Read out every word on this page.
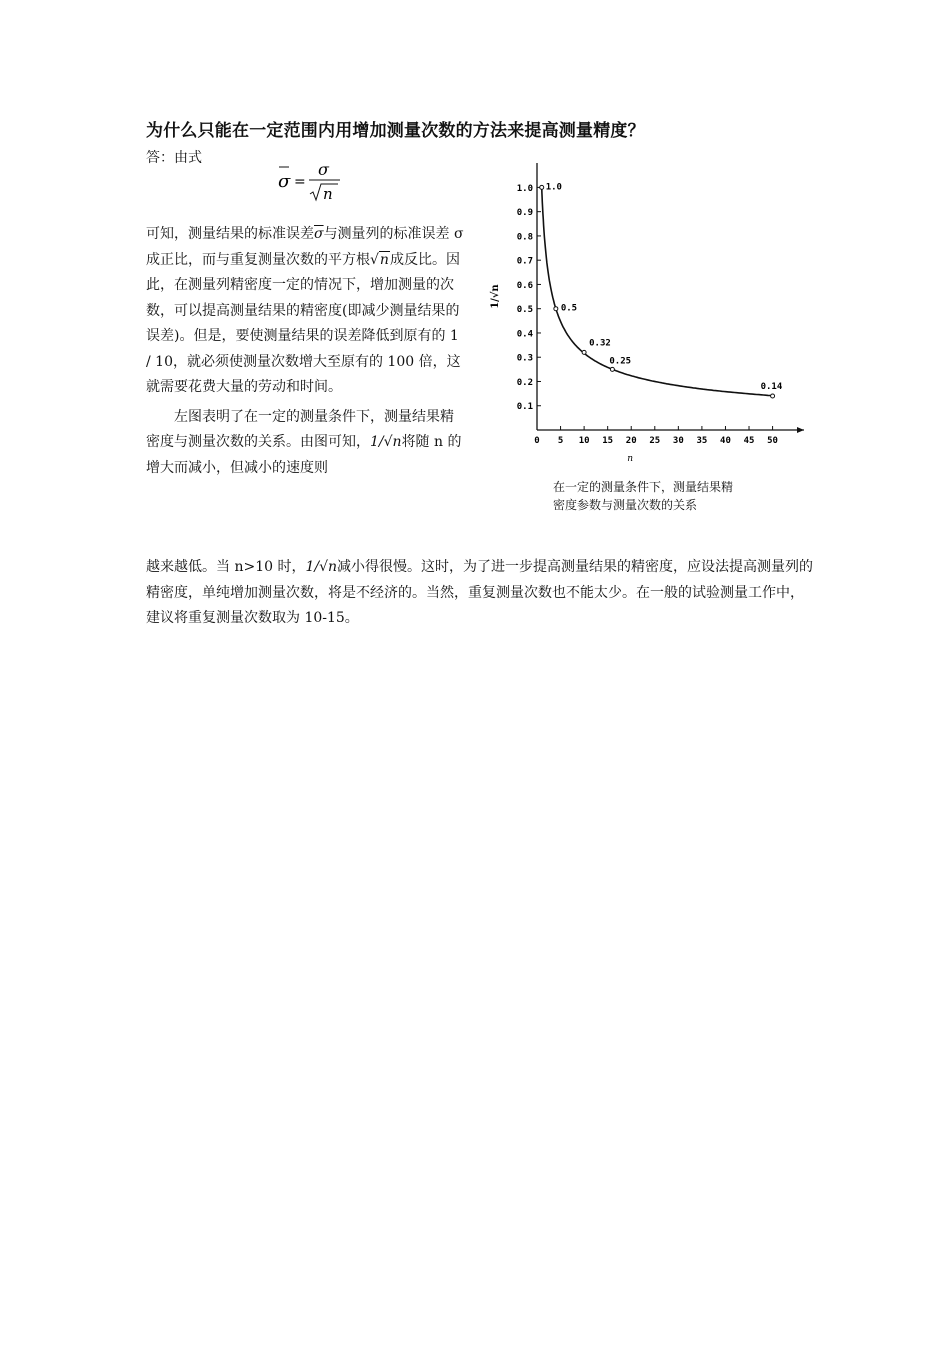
为什么只能在一定范围内用增加测量次数的方法来提高测量精度？
答：由式
σ =
σ
n

可知，测量结果的标准误差$\overline{\sigma}$与测量列的标准误差 σ 成正比，而与重复测量次数的平方根√n成反比。因此，在测量列精密度一定的情况下，增加测量的次数，可以提高测量结果的精密度(即减少测量结果的误差)。但是，要使测量结果的误差降低到原有的 1 / 10，就必须使测量次数增大至原有的 100 倍，这就需要花费大量的劳动和时间。

左图表明了在一定的测量条件下，测量结果精密度与测量次数的关系。由图可知，1/√n将随 n 的增大而减小，但减小的速度则

越来越低。当 n>10 时，1/√n减小得很慢。这时，为了进一步提高测量结果的精密度，应设法提高测量列的精密度，单纯增加测量次数，将是不经济的。当然，重复测量次数也不能太少。在一般的试验测量工作中，建议将重复测量次数取为 10-15。
0.1
0.2
0.3
0.4
0.5
0.6
0.7
0.8
0.9
1.0
0 5 10 15 20 25 30 35 40 45 50
n
1/√n
1.0
0.5
0.32
0.25
0.14
在一定的测量条件下，测量结果精
密度参数与测量次数的关系
